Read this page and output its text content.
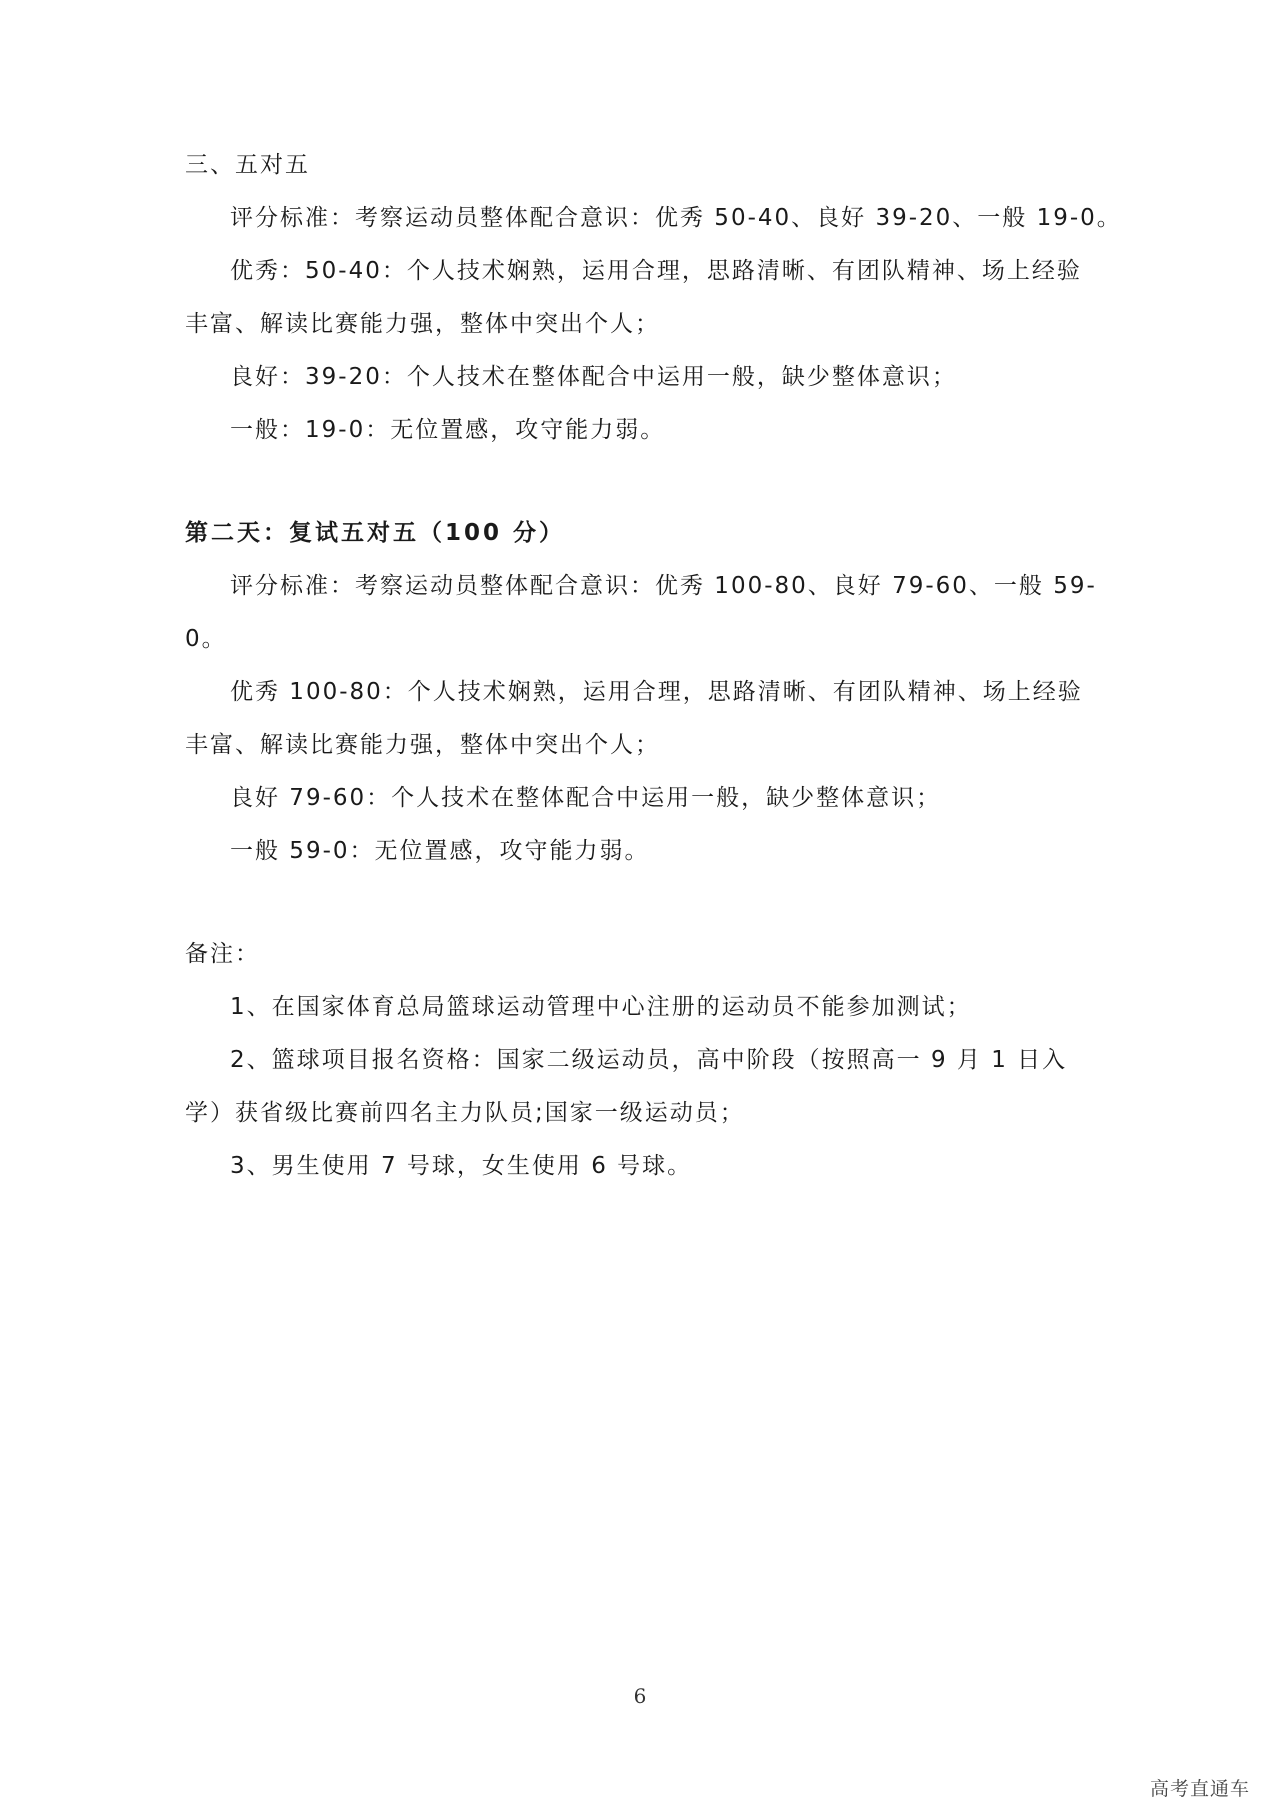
三、五对五
评分标准：考察运动员整体配合意识：优秀 50-40、良好 39-20、一般 19-0。
优秀：50-40：个人技术娴熟，运用合理，思路清晰、有团队精神、场上经验
丰富、解读比赛能力强，整体中突出个人；
良好：39-20：个人技术在整体配合中运用一般，缺少整体意识；
一般：19-0：无位置感，攻守能力弱。
第二天：复试五对五（100 分）
评分标准：考察运动员整体配合意识：优秀 100-80、良好 79-60、一般 59-
0。
优秀 100-80：个人技术娴熟，运用合理，思路清晰、有团队精神、场上经验
丰富、解读比赛能力强，整体中突出个人；
良好 79-60：个人技术在整体配合中运用一般，缺少整体意识；
一般 59-0：无位置感，攻守能力弱。
备注：
1、在国家体育总局篮球运动管理中心注册的运动员不能参加测试；
2、篮球项目报名资格：国家二级运动员，高中阶段（按照高一 9 月 1 日入
学）获省级比赛前四名主力队员;国家一级运动员；
3、男生使用 7 号球，女生使用 6 号球。
6
高考直通车
